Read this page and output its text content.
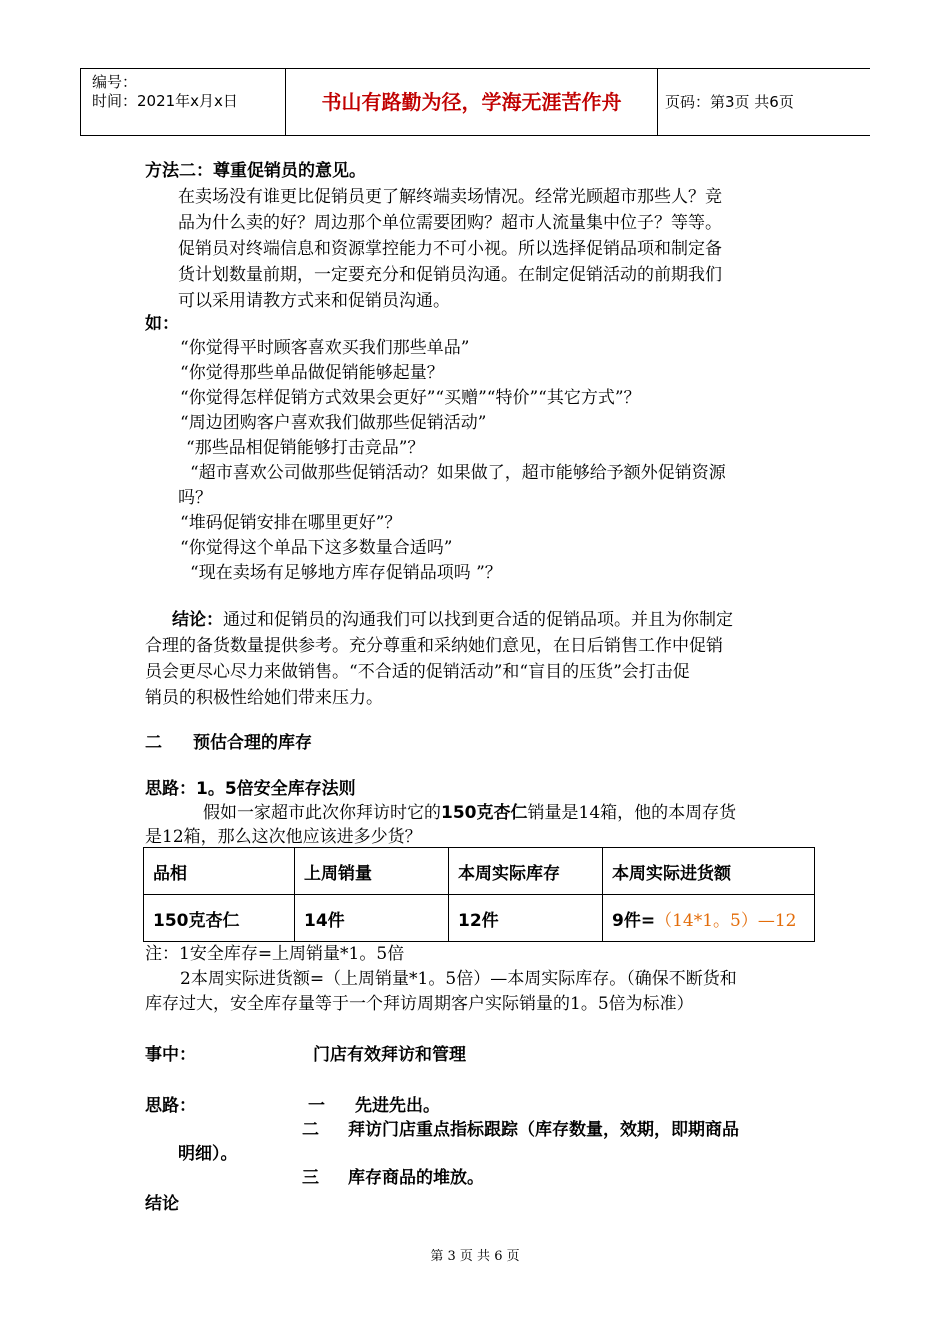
编号：
时间：2021年x月x日	书山有路勤为径，学海无涯苦作舟	页码：第3页 共6页
方法二：尊重促销员的意见。
在卖场没有谁更比促销员更了解终端卖场情况。经常光顾超市那些人？竞
品为什么卖的好？周边那个单位需要团购？超市人流量集中位子？等等。
促销员对终端信息和资源掌控能力不可小视。所以选择促销品项和制定备
货计划数量前期，一定要充分和促销员沟通。在制定促销活动的前期我们
可以采用请教方式来和促销员沟通。
如：
“你觉得平时顾客喜欢买我们那些单品”
“你觉得那些单品做促销能够起量？
“你觉得怎样促销方式效果会更好”“买赠”“特价”“其它方式”？
“周边团购客户喜欢我们做那些促销活动”
“那些品相促销能够打击竞品”？
“超市喜欢公司做那些促销活动？如果做了，超市能够给予额外促销资源
吗？
“堆码促销安排在哪里更好”？
“你觉得这个单品下这多数量合适吗”
“现在卖场有足够地方库存促销品项吗 ”？
结论：通过和促销员的沟通我们可以找到更合适的促销品项。并且为你制定
合理的备货数量提供参考。充分尊重和采纳她们意见，在日后销售工作中促销
员会更尽心尽力来做销售。“不合适的促销活动”和“盲目的压货”会打击促
销员的积极性给她们带来压力。
二 预估合理的库存
思路：1。5倍安全库存法则
假如一家超市此次你拜访时它的150克杏仁销量是14箱，他的本周存货
是12箱，那么这次他应该进多少货？
品相	上周销量	本周实际库存	本周实际进货额
150克杏仁	14件	12件	9件=（14*1。5）—12
注：1安全库存=上周销量*1。5倍
2本周实际进货额=（上周销量*1。5倍）—本周实际库存。（确保不断货和
库存过大，安全库存量等于一个拜访周期客户实际销量的1。5倍为标准）
事中：	门店有效拜访和管理
思路：	一 先进先出。
二 拜访门店重点指标跟踪（库存数量，效期，即期商品
明细）。
三 库存商品的堆放。
结论
第 3 页 共 6 页
